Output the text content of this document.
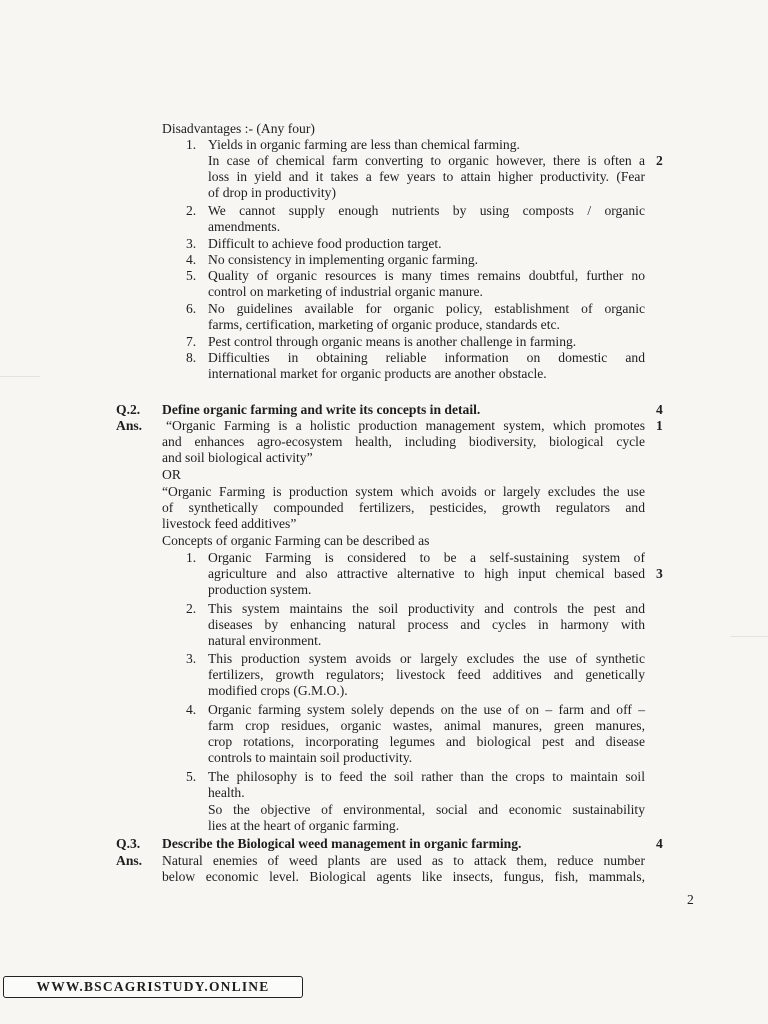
Disadvantages :- (Any four)
1. Yields in organic farming are less than chemical farming.
In case of chemical farm converting to organic however, there is often a 2
loss in yield and it takes a few years to attain higher productivity. (Fear
of drop in productivity)
2. We cannot supply enough nutrients by using composts / organic
amendments.
3. Difficult to achieve food production target.
4. No consistency in implementing organic farming.
5. Quality of organic resources is many times remains doubtful, further no
control on marketing of industrial organic manure.
6. No guidelines available for organic policy, establishment of organic
farms, certification, marketing of organic produce, standards etc.
7. Pest control through organic means is another challenge in farming.
8. Difficulties in obtaining reliable information on domestic and
international market for organic products are another obstacle.
Q.2. Define organic farming and write its concepts in detail.	4
Ans. “Organic Farming is a holistic production management system, which promotes 1
and enhances agro-ecosystem health, including biodiversity, biological cycle
and soil biological activity”
OR
“Organic Farming is production system which avoids or largely excludes the use
of synthetically compounded fertilizers, pesticides, growth regulators and
livestock feed additives”
Concepts of organic Farming can be described as
1. Organic Farming is considered to be a self-sustaining system of
agriculture and also attractive alternative to high input chemical based 3
production system.
2. This system maintains the soil productivity and controls the pest and
diseases by enhancing natural process and cycles in harmony with
natural environment.
3. This production system avoids or largely excludes the use of synthetic
fertilizers, growth regulators; livestock feed additives and genetically
modified crops (G.M.O.).
4. Organic farming system solely depends on the use of on – farm and off –
farm crop residues, organic wastes, animal manures, green manures,
crop rotations, incorporating legumes and biological pest and disease
controls to maintain soil productivity.
5. The philosophy is to feed the soil rather than the crops to maintain soil
health.
So the objective of environmental, social and economic sustainability
lies at the heart of organic farming.
Q.3. Describe the Biological weed management in organic farming.	4
Ans. Natural enemies of weed plants are used as to attack them, reduce number
below economic level. Biological agents like insects, fungus, fish, mammals,
2
WWW.BSCAGRISTUDY.ONLINE
